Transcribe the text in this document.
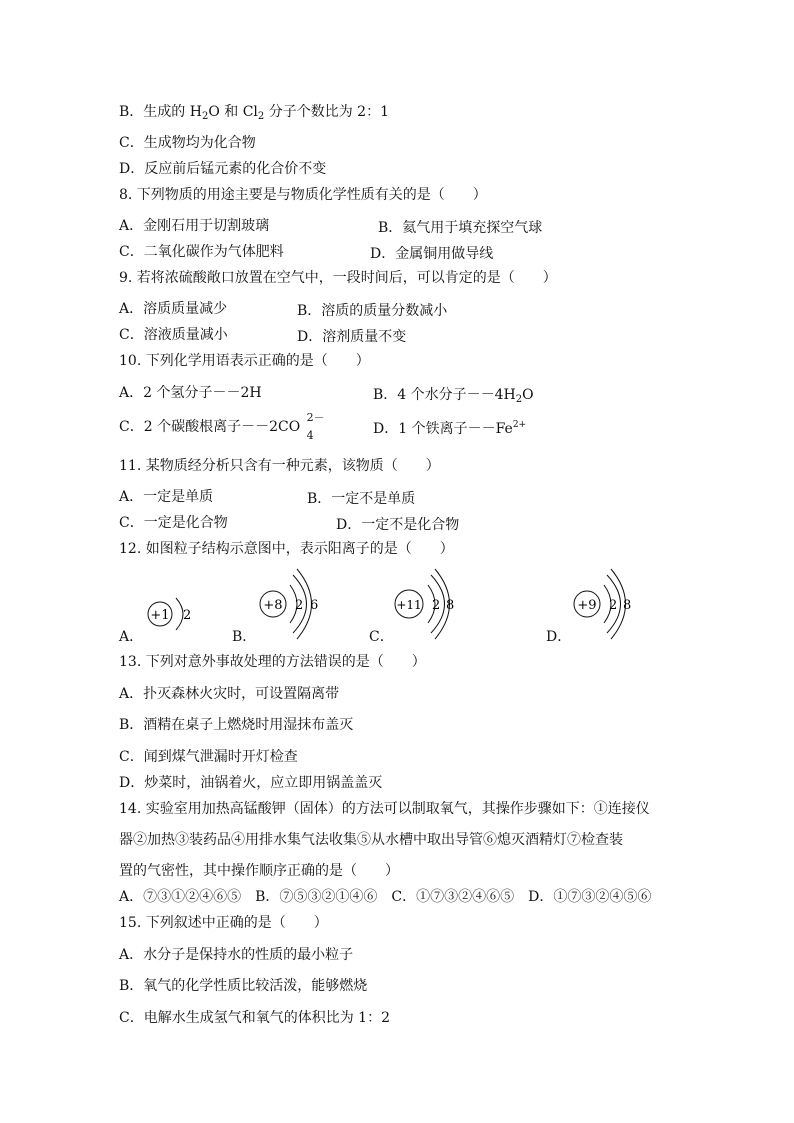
B．生成的 $H_2O$ 和 $Cl_2$ 分子个数比为 2：1
C．生成物均为化合物
D．反应前后锰元素的化合价不变
8. 下列物质的用途主要是与物质化学性质有关的是（　　）
A．金刚石用于切割玻璃	B．氦气用于填充探空气球
C．二氧化碳作为气体肥料	D．金属铜用做导线
9. 若将浓硫酸敞口放置在空气中，一段时间后，可以肯定的是（　　）
A．溶质质量减少	B．溶质的质量分数减小
C．溶液质量减小	D．溶剂质量不变
10. 下列化学用语表示正确的是（　　）
A．2 个氢分子－－2H	B．4 个水分子$--4H_2O$
C．2 个碳酸根离子－－2CO
2－
4	D．1 个铁离子$--Fe^{2+}$
11. 某物质经分析只含有一种元素，该物质（　　）
A．一定是单质	B．一定不是单质
C．一定是化合物	D．一定不是化合物
12. 如图粒子结构示意图中，表示阳离子的是（　　）
A．	B．	C．	D．
+1 2
+8 2 6	+11 2 8	+9 2 8
13. 下列对意外事故处理的方法错误的是（　　）
A．扑灭森林火灾时，可设置隔离带
B．酒精在桌子上燃烧时用湿抹布盖灭
C．闻到煤气泄漏时开灯检查
D．炒菜时，油锅着火，应立即用锅盖盖灭
14. 实验室用加热高锰酸钾（固体）的方法可以制取氧气，其操作步骤如下：①连接仪
器②加热③装药品④用排水集气法收集⑤从水槽中取出导管⑥熄灭酒精灯⑦检查装
置的气密性，其中操作顺序正确的是（　　）
A．⑦③①②④⑥⑤　B．⑦⑤③②①④⑥　C．①⑦③②④⑥⑤　D．①⑦③②④⑤⑥
15. 下列叙述中正确的是（　　）
A．水分子是保持水的性质的最小粒子
B．氧气的化学性质比较活泼，能够燃烧
C．电解水生成氢气和氧气的体积比为 1：2
